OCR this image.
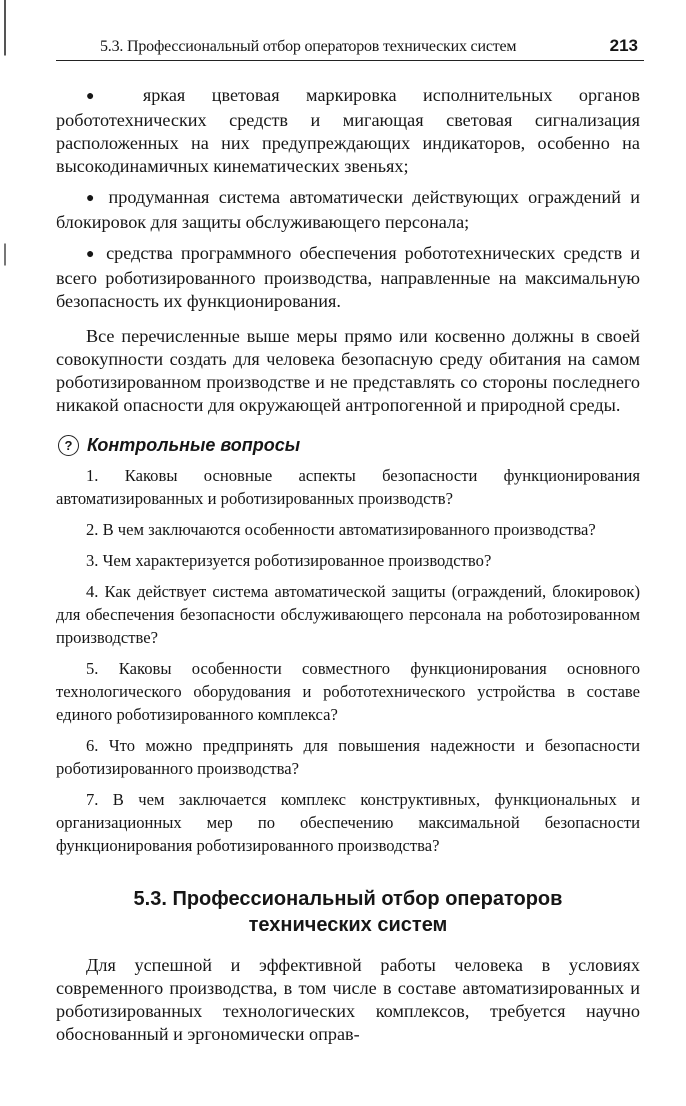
5.3. Профессиональный отбор операторов технических систем	213

● яркая цветовая маркировка исполнительных органов робототехнических средств и мигающая световая сигнализация расположенных на них предупреждающих индикаторов, особенно на высокодинамичных кинематических звеньях;

● продуманная система автоматически действующих ограждений и блокировок для защиты обслуживающего персонала;

● средства программного обеспечения робототехнических средств и всего роботизированного производства, направленные на максимальную безопасность их функционирования.

Все перечисленные выше меры прямо или косвенно должны в своей совокупности создать для человека безопасную среду обитания на самом роботизированном производстве и не представлять со стороны последнего никакой опасности для окружающей антропогенной и природной среды.

? Контрольные вопросы

1. Каковы основные аспекты безопасности функционирования автоматизированных и роботизированных производств?

2. В чем заключаются особенности автоматизированного производства?

3. Чем характеризуется роботизированное производство?

4. Как действует система автоматической защиты (ограждений, блокировок) для обеспечения безопасности обслуживающего персонала на роботозированном производстве?

5. Каковы особенности совместного функционирования основного технологического оборудования и робототехнического устройства в составе единого роботизированного комплекса?

6. Что можно предпринять для повышения надежности и безопасности роботизированного производства?

7. В чем заключается комплекс конструктивных, функциональных и организационных мер по обеспечению максимальной безопасности функционирования роботизированного производства?

5.3. Профессиональный отбор операторов
технических систем

Для успешной и эффективной работы человека в условиях современного производства, в том числе в составе автоматизированных и роботизированных технологических комплексов, требуется научно обоснованный и эргономически оправ-
